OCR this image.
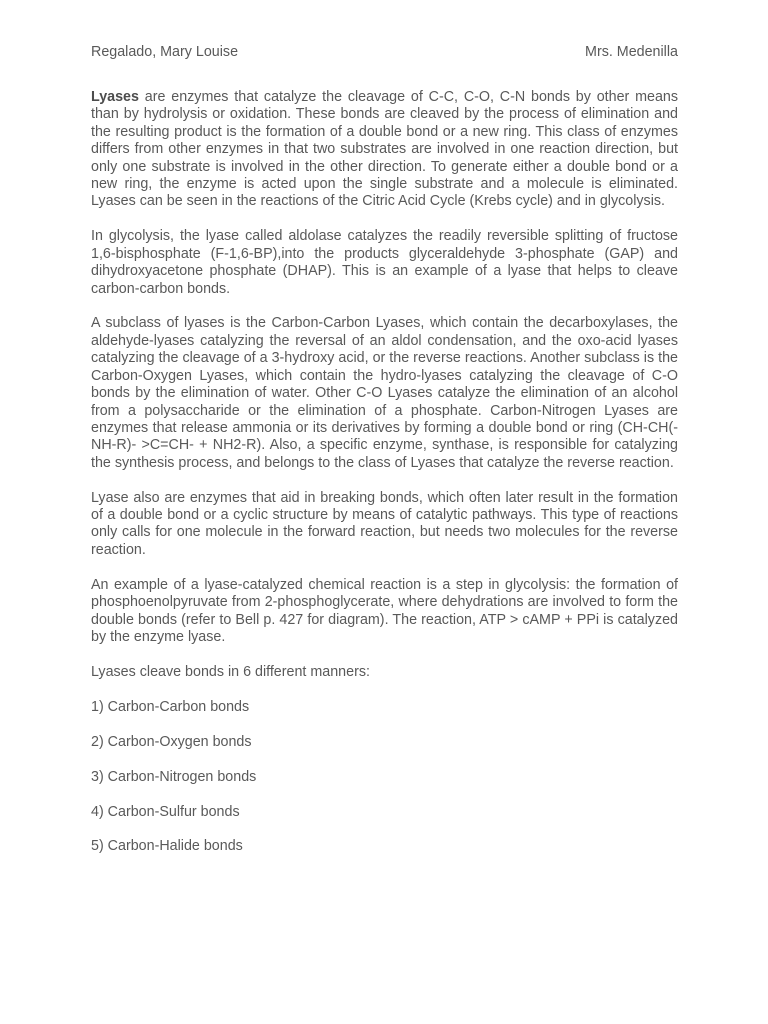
Regalado, Mary Louise	Mrs. Medenilla

Lyases are enzymes that catalyze the cleavage of C-C, C-O, C-N bonds by other means than by hydrolysis or oxidation. These bonds are cleaved by the process of elimination and the resulting product is the formation of a double bond or a new ring. This class of enzymes differs from other enzymes in that two substrates are involved in one reaction direction, but only one substrate is involved in the other direction. To generate either a double bond or a new ring, the enzyme is acted upon the single substrate and a molecule is eliminated. Lyases can be seen in the reactions of the Citric Acid Cycle (Krebs cycle) and in glycolysis.

In glycolysis, the lyase called aldolase catalyzes the readily reversible splitting of fructose 1,6-bisphosphate (F-1,6-BP),into the products glyceraldehyde 3-phosphate (GAP) and dihydroxyacetone phosphate (DHAP). This is an example of a lyase that helps to cleave carbon-carbon bonds.

A subclass of lyases is the Carbon-Carbon Lyases, which contain the decarboxylases, the aldehyde-lyases catalyzing the reversal of an aldol condensation, and the oxo-acid lyases catalyzing the cleavage of a 3-hydroxy acid, or the reverse reactions. Another subclass is the Carbon-Oxygen Lyases, which contain the hydro-lyases catalyzing the cleavage of C-O bonds by the elimination of water. Other C-O Lyases catalyze the elimination of an alcohol from a polysaccharide or the elimination of a phosphate. Carbon-Nitrogen Lyases are enzymes that release ammonia or its derivatives by forming a double bond or ring (CH-CH(-NH-R)- >C=CH- + NH2-R). Also, a specific enzyme, synthase, is responsible for catalyzing the synthesis process, and belongs to the class of Lyases that catalyze the reverse reaction.

Lyase also are enzymes that aid in breaking bonds, which often later result in the formation of a double bond or a cyclic structure by means of catalytic pathways. This type of reactions only calls for one molecule in the forward reaction, but needs two molecules for the reverse reaction.

An example of a lyase-catalyzed chemical reaction is a step in glycolysis: the formation of phosphoenolpyruvate from 2-phosphoglycerate, where dehydrations are involved to form the double bonds (refer to Bell p. 427 for diagram). The reaction, ATP > cAMP + PPi is catalyzed by the enzyme lyase.

Lyases cleave bonds in 6 different manners:

1) Carbon-Carbon bonds
2) Carbon-Oxygen bonds
3) Carbon-Nitrogen bonds
4) Carbon-Sulfur bonds
5) Carbon-Halide bonds
